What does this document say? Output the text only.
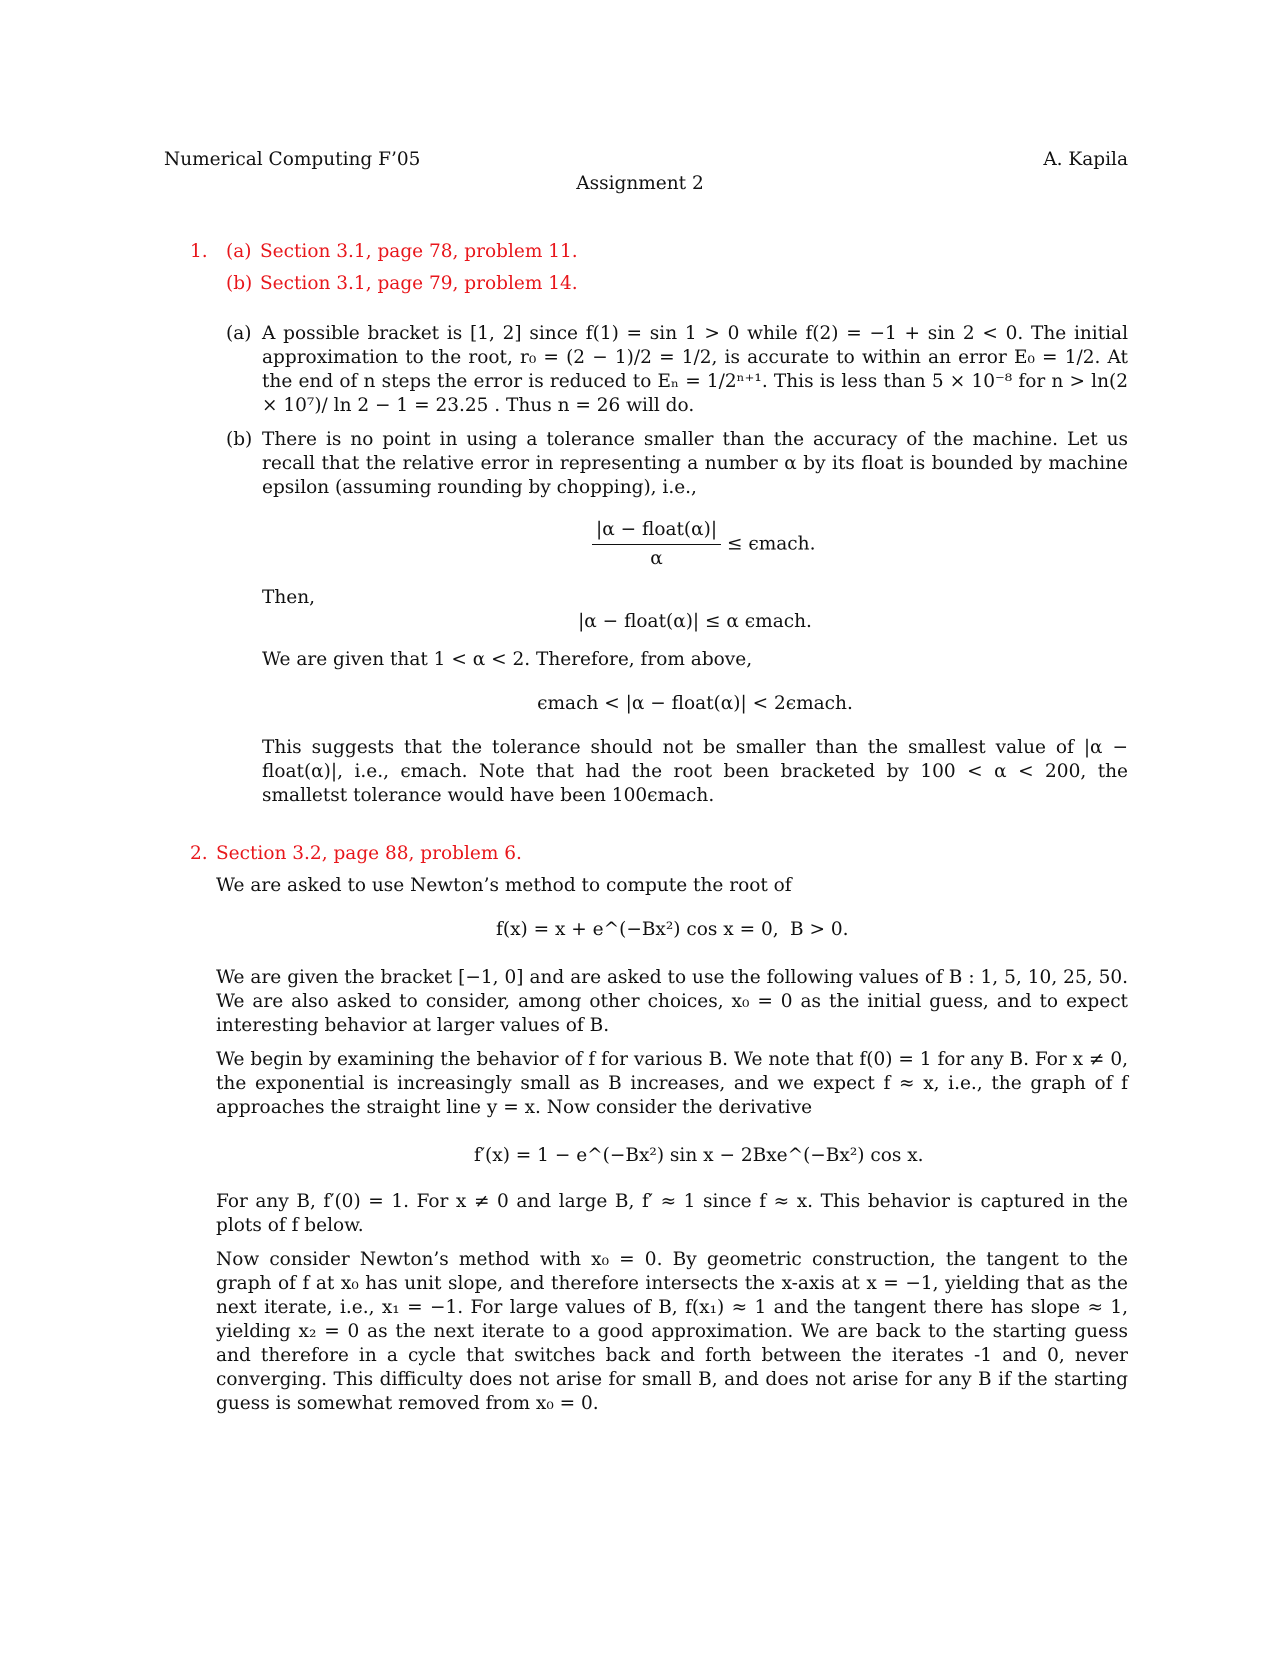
Numerical Computing F’05	A. Kapila
Assignment 2
1. (a) Section 3.1, page 78, problem 11.
(b) Section 3.1, page 79, problem 14.
(a) A possible bracket is [1, 2] since f(1) = sin 1 > 0 while f(2) = −1 + sin 2 < 0. The initial approximation to the root, r₀ = (2 − 1)/2 = 1/2, is accurate to within an error E₀ = 1/2. At the end of n steps the error is reduced to Eₙ = 1/2ⁿ⁺¹. This is less than 5 × 10⁻⁸ for n > ln(2 × 10⁷)/ ln 2 − 1 = 23.25 . Thus n = 26 will do.
(b) There is no point in using a tolerance smaller than the accuracy of the machine. Let us recall that the relative error in representing a number α by its float is bounded by machine epsilon (assuming rounding by chopping), i.e.,
$\frac{\text{|α − float(α)|}}{\alpha}$ ≤ ϵmach.
Then,
|α − float(α)| ≤ α ϵmach.
We are given that 1 < α < 2. Therefore, from above,
ϵmach < |α − float(α)| < 2ϵmach.
This suggests that the tolerance should not be smaller than the smallest value of |α − float(α)|, i.e., ϵmach. Note that had the root been bracketed by 100 < α < 200, the smalletst tolerance would have been 100ϵmach.
2. Section 3.2, page 88, problem 6.
We are asked to use Newton’s method to compute the root of
f(x) = x + e^(−Bx²) cos x = 0, B > 0.
We are given the bracket [−1, 0] and are asked to use the following values of B : 1, 5, 10, 25, 50. We are also asked to consider, among other choices, x₀ = 0 as the initial guess, and to expect interesting behavior at larger values of B.
We begin by examining the behavior of f for various B. We note that f(0) = 1 for any B. For x ≠ 0, the exponential is increasingly small as B increases, and we expect f ≈ x, i.e., the graph of f approaches the straight line y = x. Now consider the derivative
f′(x) = 1 − e^(−Bx²) sin x − 2Bxe^(−Bx²) cos x.
For any B, f′(0) = 1. For x ≠ 0 and large B, f′ ≈ 1 since f ≈ x. This behavior is captured in the plots of f below.
Now consider Newton’s method with x₀ = 0. By geometric construction, the tangent to the graph of f at x₀ has unit slope, and therefore intersects the x-axis at x = −1, yielding that as the next iterate, i.e., x₁ = −1. For large values of B, f(x₁) ≈ 1 and the tangent there has slope ≈ 1, yielding x₂ = 0 as the next iterate to a good approximation. We are back to the starting guess and therefore in a cycle that switches back and forth between the iterates -1 and 0, never converging. This difficulty does not arise for small B, and does not arise for any B if the starting guess is somewhat removed from x₀ = 0.
